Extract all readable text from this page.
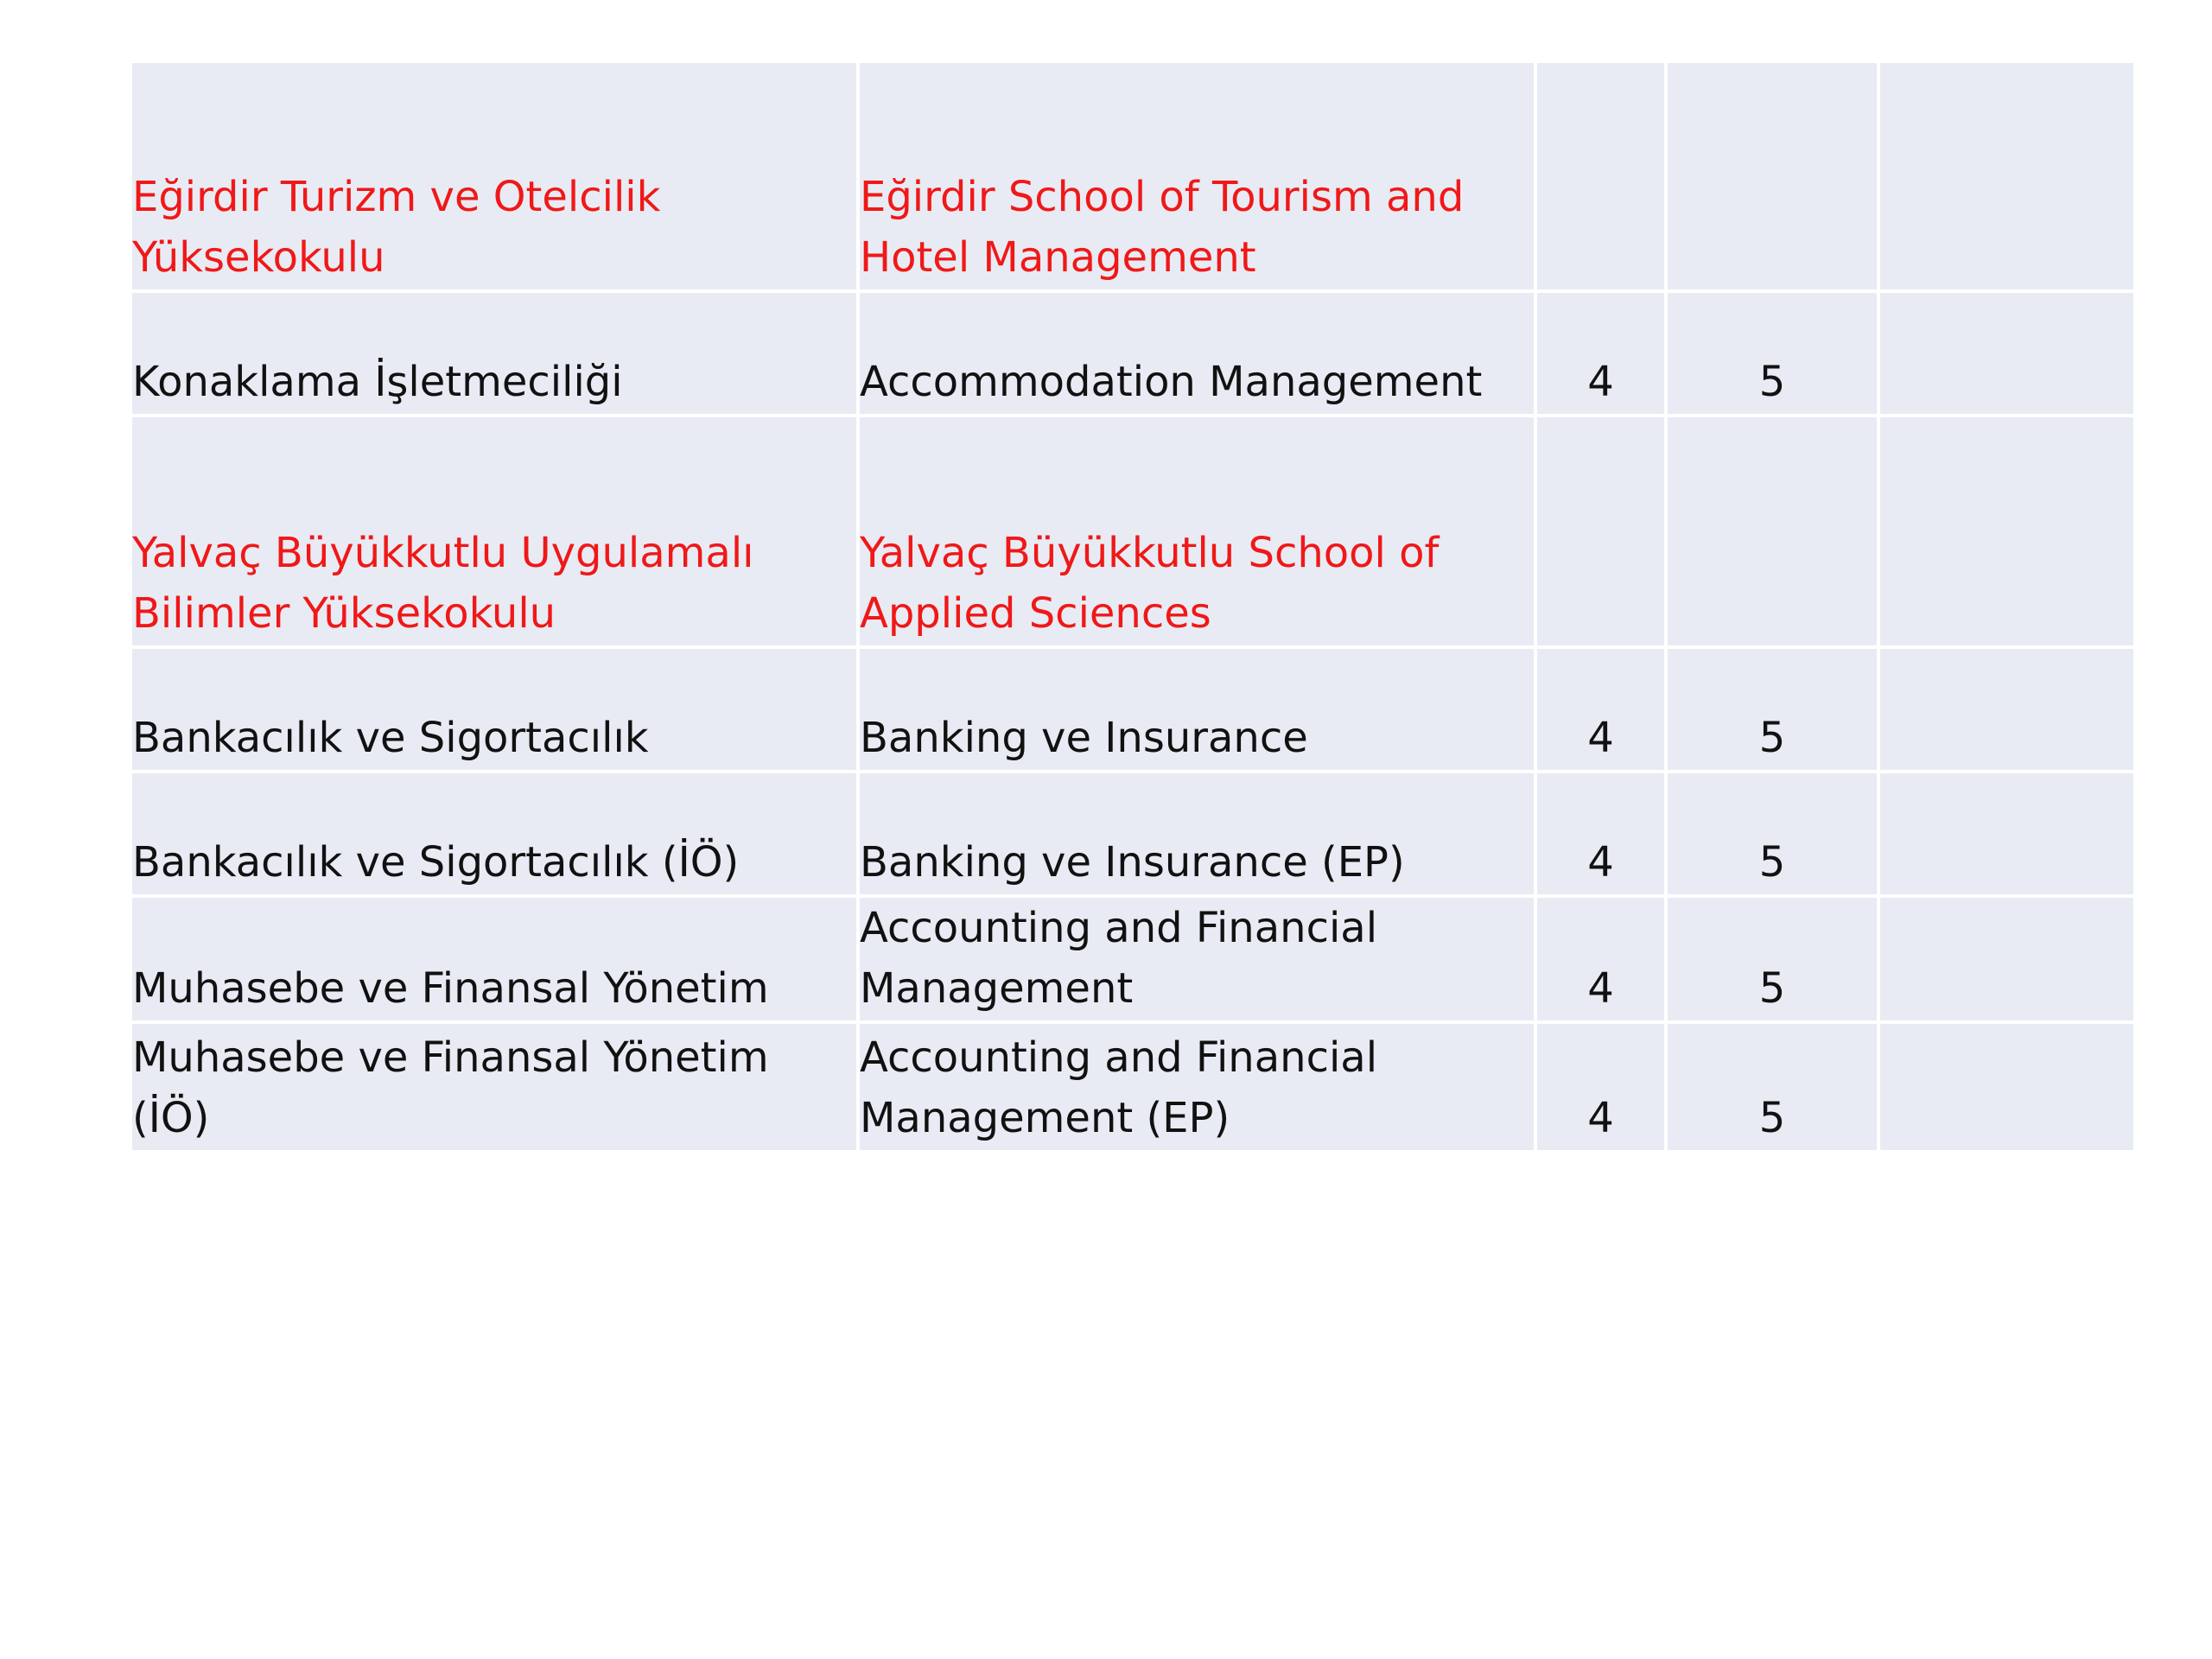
Eğirdir Turizm ve Otelcilik Yüksekokulu	Eğirdir School of Tourism and Hotel Management			

Konaklama İşletmeciliği	Accommodation Management	4	5	

Yalvaç Büyükkutlu Uygulamalı Bilimler Yüksekokulu	Yalvaç Büyükkutlu School of Applied Sciences			

Bankacılık ve Sigortacılık	Banking ve Insurance	4	5	

Bankacılık ve Sigortacılık (İÖ)	Banking ve Insurance (EP)	4	5	

Muhasebe ve Finansal Yönetim	Accounting and Financial Management	4	5	

Muhasebe ve Finansal Yönetim (İÖ)	Accounting and Financial Management (EP)	4	5	
